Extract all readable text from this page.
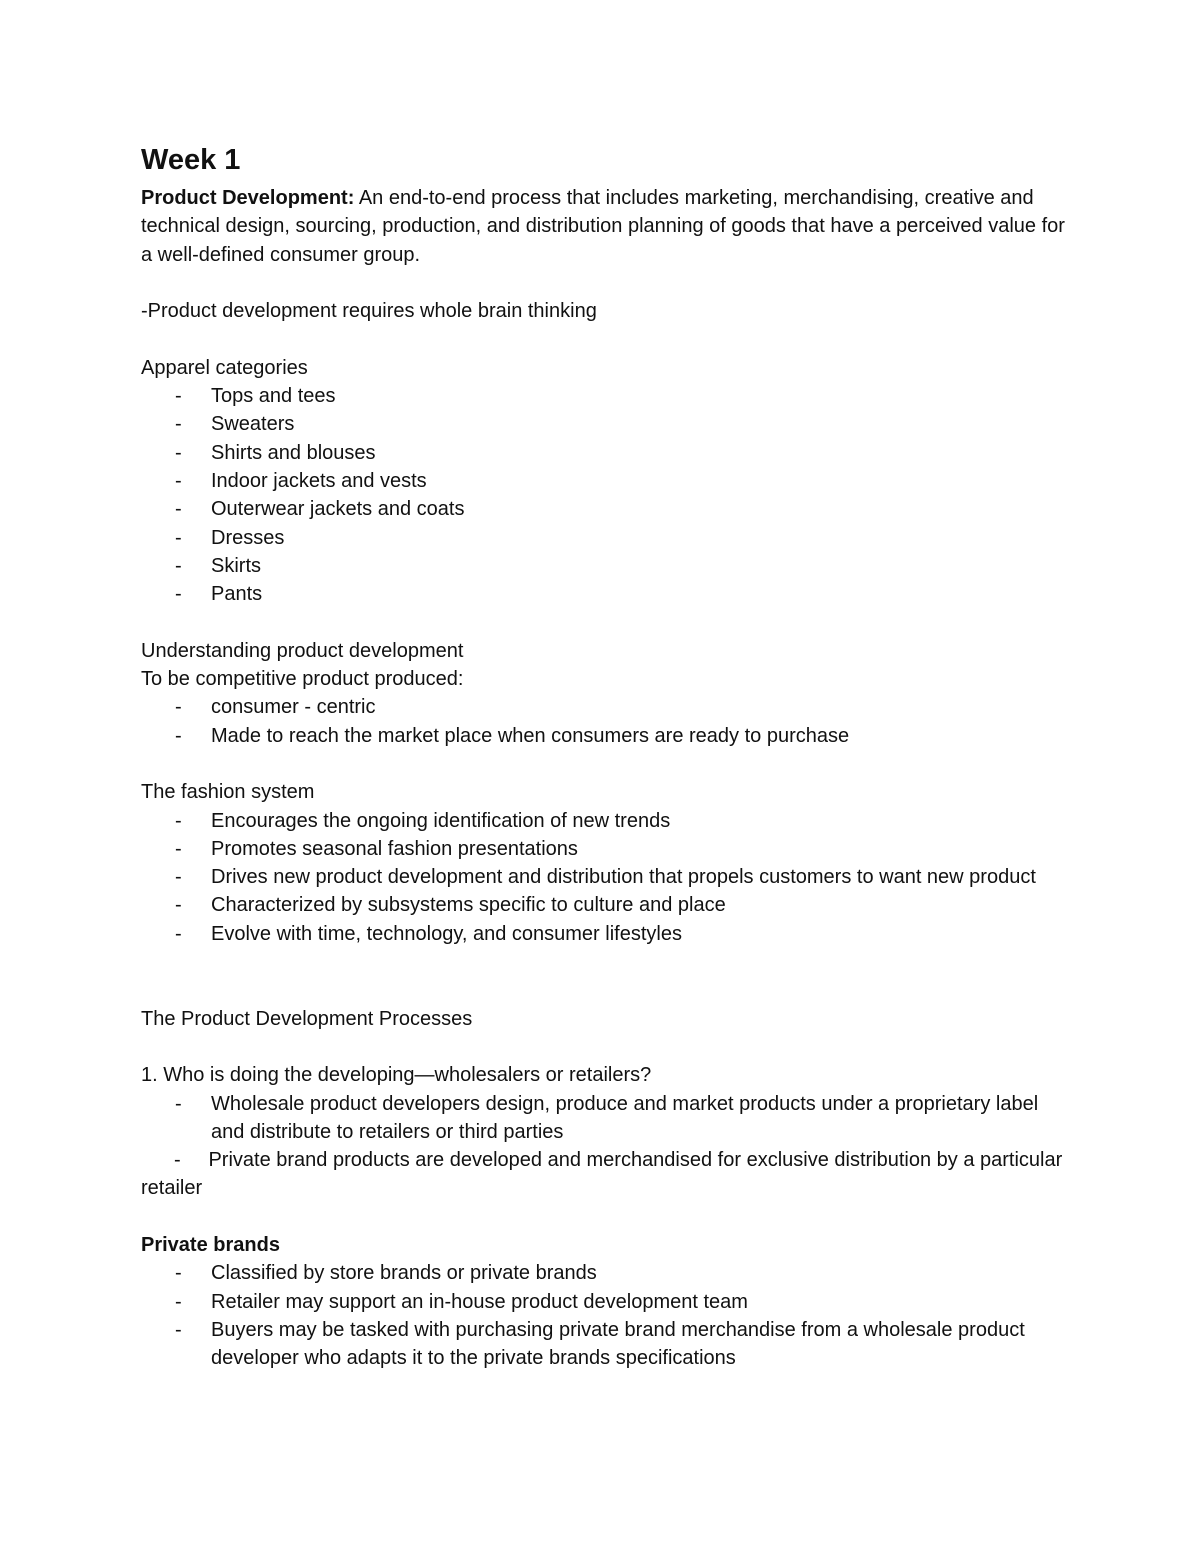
Week 1

Product Development: An end-to-end process that includes marketing, merchandising, creative and technical design, sourcing, production, and distribution planning of goods that have a perceived value for a well-defined consumer group.

-Product development requires whole brain thinking

Apparel categories

- Tops and tees
- Sweaters
- Shirts and blouses
- Indoor jackets and vests
- Outerwear jackets and coats
- Dresses
- Skirts
- Pants

Understanding product development

To be competitive product produced:

- consumer - centric
- Made to reach the market place when consumers are ready to purchase

The fashion system

- Encourages the ongoing identification of new trends
- Promotes seasonal fashion presentations
- Drives new product development and distribution that propels customers to want new product
- Characterized by subsystems specific to culture and place
- Evolve with time, technology, and consumer lifestyles

The Product Development Processes

1. Who is doing the developing—wholesalers or retailers?

- Wholesale product developers design, produce and market products under a proprietary label and distribute to retailers or third parties

- Private brand products are developed and merchandised for exclusive distribution by a particular retailer

Private brands

- Classified by store brands or private brands
- Retailer may support an in-house product development team
- Buyers may be tasked with purchasing private brand merchandise from a wholesale product developer who adapts it to the private brands specifications
